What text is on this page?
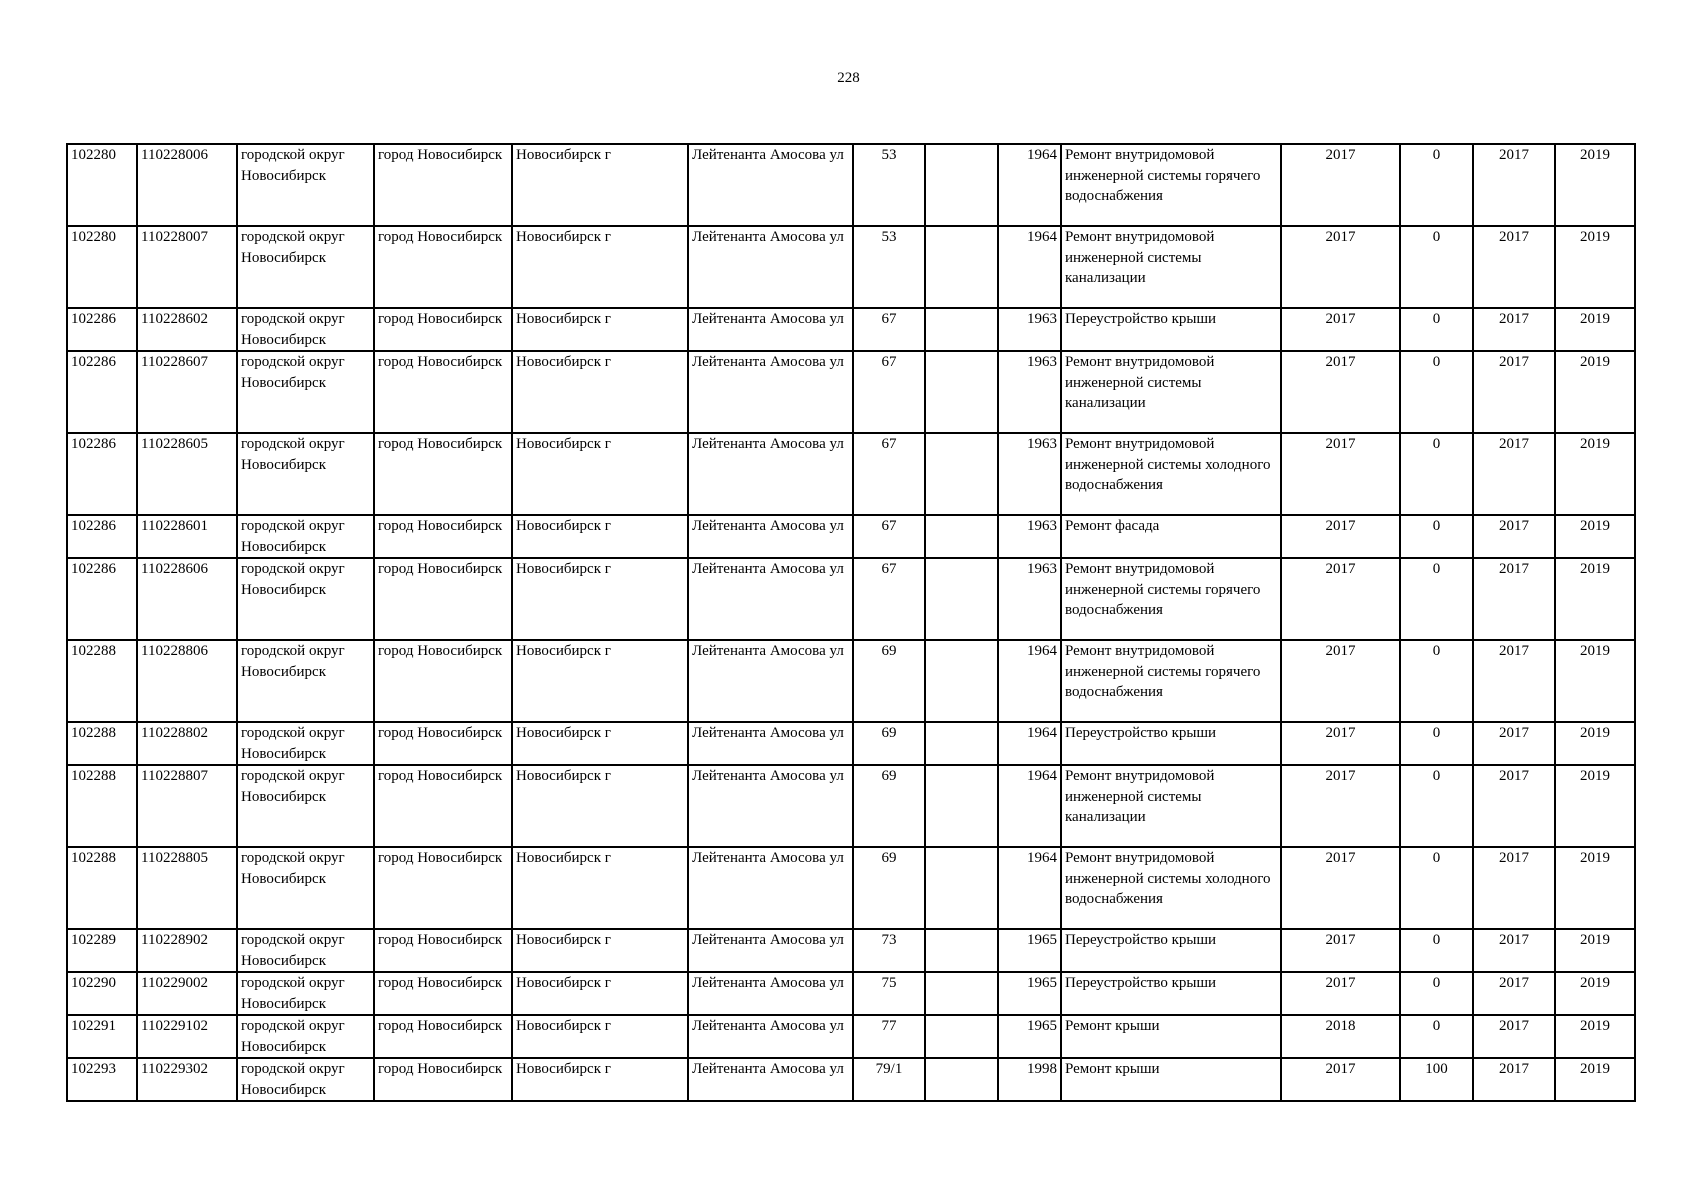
228
102280	110228006	городской округ Новосибирск	город Новосибирск	Новосибирск г	Лейтенанта Амосова ул	53		1964	Ремонт внутридомовой инженерной системы горячего водоснабжения	2017	0	2017	2019
102280	110228007	городской округ Новосибирск	город Новосибирск	Новосибирск г	Лейтенанта Амосова ул	53		1964	Ремонт внутридомовой инженерной системы канализации	2017	0	2017	2019
102286	110228602	городской округ Новосибирск	город Новосибирск	Новосибирск г	Лейтенанта Амосова ул	67		1963	Переустройство крыши	2017	0	2017	2019
102286	110228607	городской округ Новосибирск	город Новосибирск	Новосибирск г	Лейтенанта Амосова ул	67		1963	Ремонт внутридомовой инженерной системы канализации	2017	0	2017	2019
102286	110228605	городской округ Новосибирск	город Новосибирск	Новосибирск г	Лейтенанта Амосова ул	67		1963	Ремонт внутридомовой инженерной системы холодного водоснабжения	2017	0	2017	2019
102286	110228601	городской округ Новосибирск	город Новосибирск	Новосибирск г	Лейтенанта Амосова ул	67		1963	Ремонт фасада	2017	0	2017	2019
102286	110228606	городской округ Новосибирск	город Новосибирск	Новосибирск г	Лейтенанта Амосова ул	67		1963	Ремонт внутридомовой инженерной системы горячего водоснабжения	2017	0	2017	2019
102288	110228806	городской округ Новосибирск	город Новосибирск	Новосибирск г	Лейтенанта Амосова ул	69		1964	Ремонт внутридомовой инженерной системы горячего водоснабжения	2017	0	2017	2019
102288	110228802	городской округ Новосибирск	город Новосибирск	Новосибирск г	Лейтенанта Амосова ул	69		1964	Переустройство крыши	2017	0	2017	2019
102288	110228807	городской округ Новосибирск	город Новосибирск	Новосибирск г	Лейтенанта Амосова ул	69		1964	Ремонт внутридомовой инженерной системы канализации	2017	0	2017	2019
102288	110228805	городской округ Новосибирск	город Новосибирск	Новосибирск г	Лейтенанта Амосова ул	69		1964	Ремонт внутридомовой инженерной системы холодного водоснабжения	2017	0	2017	2019
102289	110228902	городской округ Новосибирск	город Новосибирск	Новосибирск г	Лейтенанта Амосова ул	73		1965	Переустройство крыши	2017	0	2017	2019
102290	110229002	городской округ Новосибирск	город Новосибирск	Новосибирск г	Лейтенанта Амосова ул	75		1965	Переустройство крыши	2017	0	2017	2019
102291	110229102	городской округ Новосибирск	город Новосибирск	Новосибирск г	Лейтенанта Амосова ул	77		1965	Ремонт крыши	2018	0	2017	2019
102293	110229302	городской округ Новосибирск	город Новосибирск	Новосибирск г	Лейтенанта Амосова ул	79/1		1998	Ремонт крыши	2017	100	2017	2019
